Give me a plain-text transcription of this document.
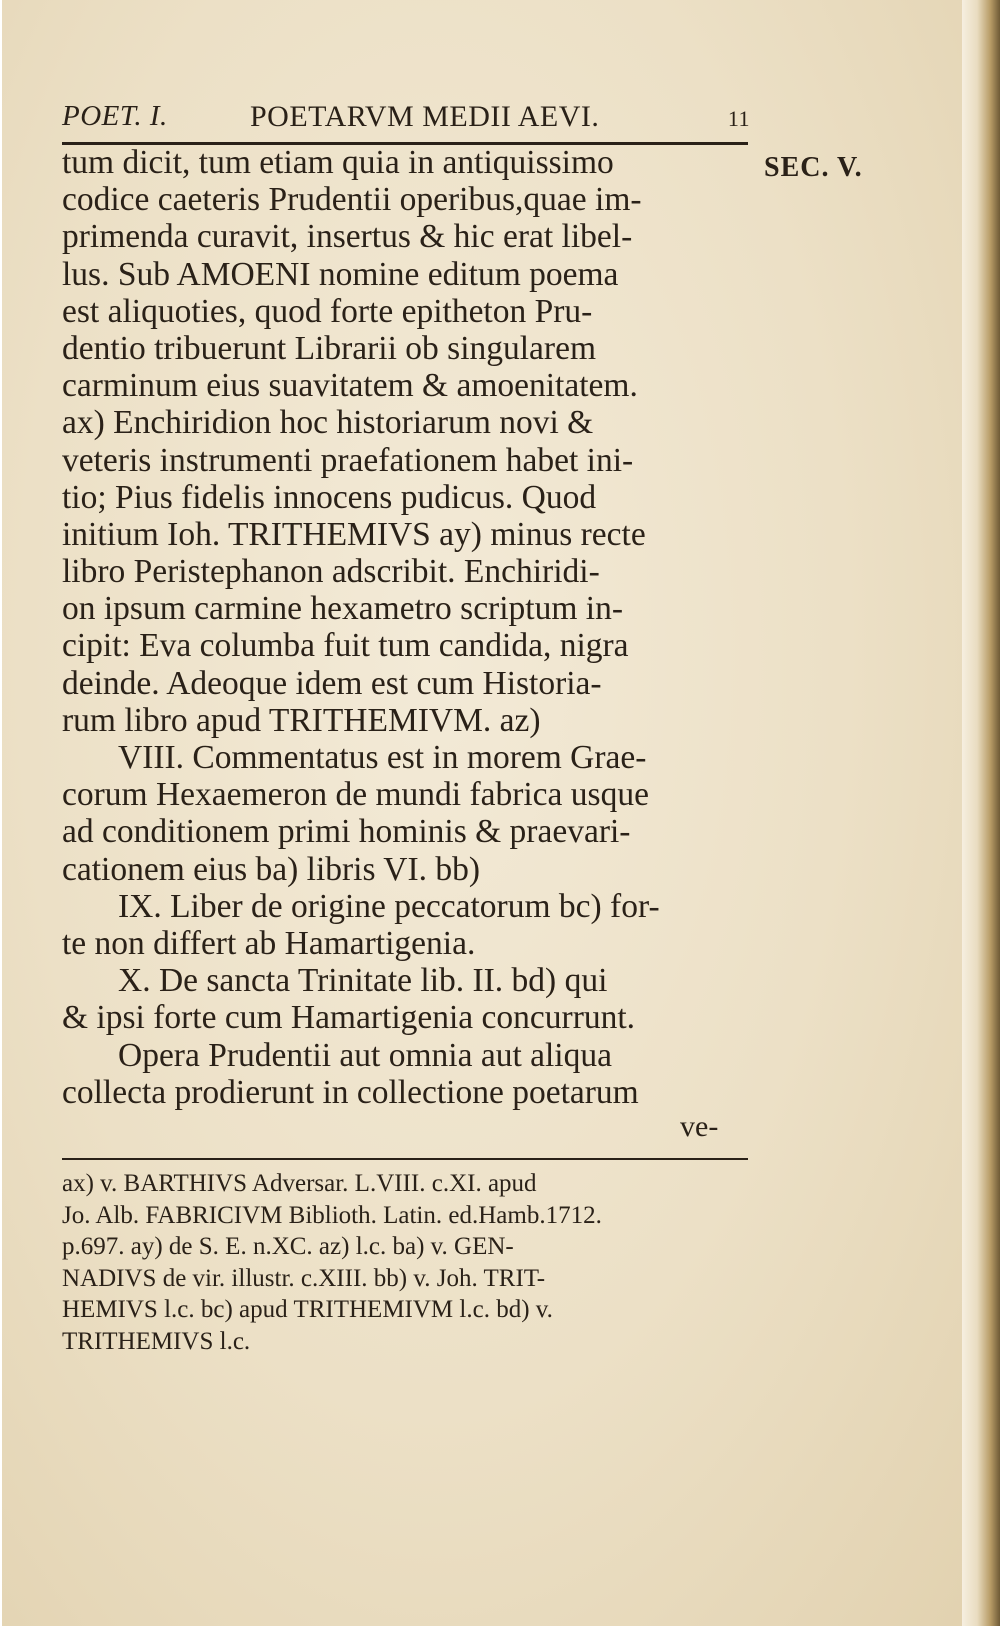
POET. I.	POETARVM MEDII AEVI.	11
SEC. V.
tum dicit, tum etiam quia in antiquissimo
codice caeteris Prudentii operibus,quae im-
primenda curavit, insertus & hic erat libel-
lus. Sub AMOENI nomine editum poema
est aliquoties, quod forte epitheton Pru-
dentio tribuerunt Librarii ob singularem
carminum eius suavitatem & amoenitatem.
ax) Enchiridion hoc historiarum novi &
veteris instrumenti praefationem habet ini-
tio; Pius fidelis innocens pudicus. Quod
initium Ioh. TRITHEMIVS ay) minus recte
libro Peristephanon adscribit. Enchiridi-
on ipsum carmine hexametro scriptum in-
cipit: Eva columba fuit tum candida, nigra
deinde. Adeoque idem est cum Historia-
rum libro apud TRITHEMIVM. az)
VIII. Commentatus est in morem Grae-
corum Hexaemeron de mundi fabrica usque
ad conditionem primi hominis & praevari-
cationem eius ba) libris VI. bb)
IX. Liber de origine peccatorum bc) for-
te non differt ab Hamartigenia.
X. De sancta Trinitate lib. II. bd) qui
& ipsi forte cum Hamartigenia concurrunt.
Opera Prudentii aut omnia aut aliqua
collecta prodierunt in collectione poetarum
ve-
ax) v. BARTHIVS Adversar. L.VIII. c.XI. apud
Jo. Alb. FABRICIVM Biblioth. Latin. ed.Hamb.1712.
p.697. ay) de S. E. n.XC. az) l.c. ba) v. GEN-
NADIVS de vir. illustr. c.XIII. bb) v. Joh. TRIT-
HEMIVS l.c. bc) apud TRITHEMIVM l.c. bd) v.
TRITHEMIVS l.c.
